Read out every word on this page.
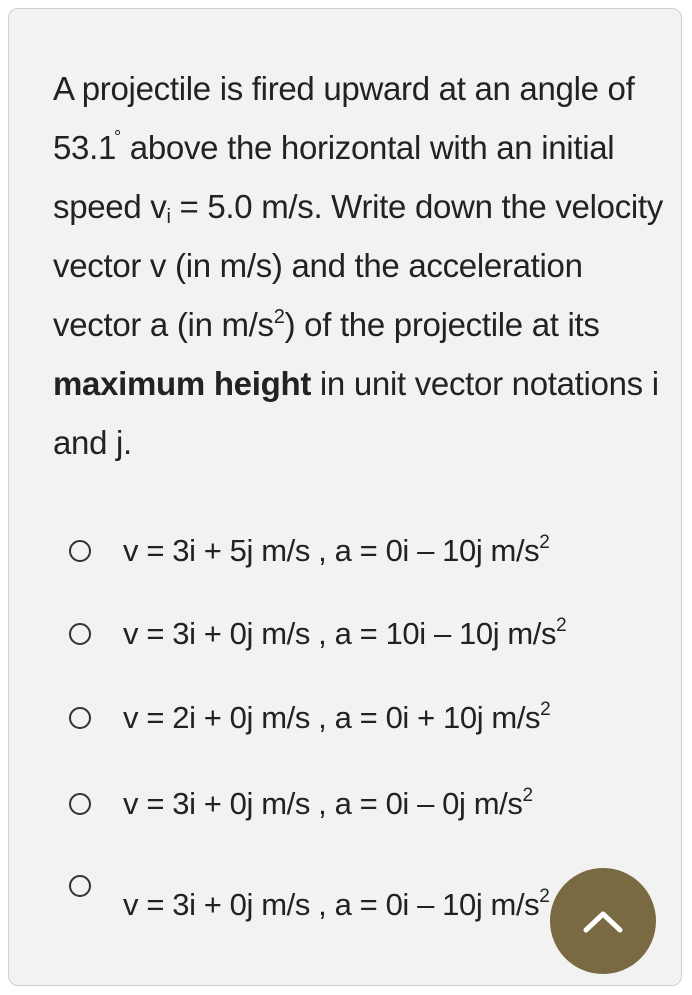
A projectile is fired upward at an angle of 53.1° above the horizontal with an initial speed $v_i = 5.0$ m/s. Write down the velocity vector v (in m/s) and the acceleration vector a (in $m/s^2$) of the projectile at its maximum height in unit vector notations i and j.
v = 3i + 5j m/s , a = 0i – 10j $m/s^2$
v = 3i + 0j m/s , a = 10i – 10j $m/s^2$
v = 2i + 0j m/s , a = 0i + 10j $m/s^2$
v = 3i + 0j m/s , a = 0i – 0j $m/s^2$
v = 3i + 0j m/s , a = 0i – 10j $m/s^2$
